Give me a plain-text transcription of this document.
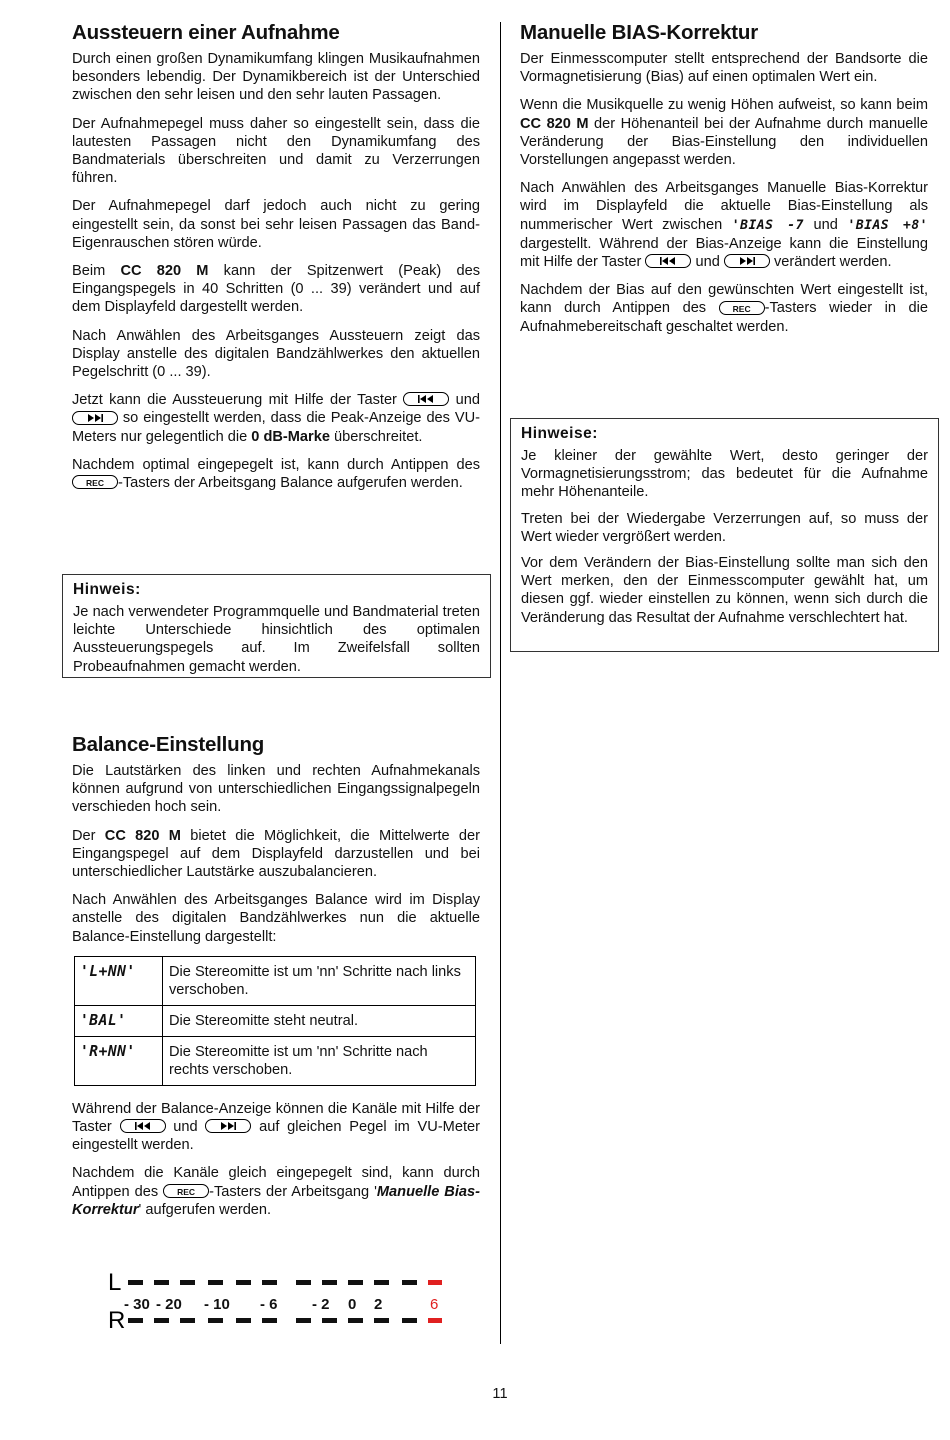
Aussteuern einer Aufnahme

Durch einen großen Dynamikumfang klingen Musikaufnahmen besonders lebendig. Der Dynamikbereich ist der Unterschied zwischen den sehr leisen und den sehr lauten Passagen.

Der Aufnahmepegel muss daher so eingestellt sein, dass die lautesten Passagen nicht den Dynamikumfang des Bandmaterials überschreiten und damit zu Verzerrungen führen.

Der Aufnahmepegel darf jedoch auch nicht zu gering eingestellt sein, da sonst bei sehr leisen Passagen das Band-Eigenrauschen stören würde.

Beim CC 820 M kann der Spitzenwert (Peak) des Eingangspegels in 40 Schritten (0 ... 39) verändert und auf dem Displayfeld dargestellt werden.

Nach Anwählen des Arbeitsganges Aussteuern zeigt das Display anstelle des digitalen Bandzählwerkes den aktuellen Pegelschritt (0 ... 39).

Jetzt kann die Aussteuerung mit Hilfe der Taster	und
so eingestellt werden, dass die Peak-Anzeige des VU-Meters nur gelegentlich die 0 dB-Marke überschreitet.

Nachdem optimal eingepegelt ist, kann durch Antippen des REC -Tasters der Arbeitsgang Balance aufgerufen werden.

Hinweis:

Je nach verwendeter Programmquelle und Bandmaterial treten leichte Unterschiede hinsichtlich des optimalen Aussteuerungspegels auf. Im Zweifelsfall sollten Probeaufnahmen gemacht werden.

Balance-Einstellung

Die Lautstärken des linken und rechten Aufnahmekanals können aufgrund von unterschiedlichen Eingangssignalpegeln verschieden hoch sein.

Der CC 820 M bietet die Möglichkeit, die Mittelwerte der Eingangspegel auf dem Displayfeld darzustellen und bei unterschiedlicher Lautstärke auszubalancieren.

Nach Anwählen des Arbeitsganges Balance wird im Display anstelle des digitalen Bandzählwerkes nun die aktuelle Balance-Einstellung dargestellt:

'L+NN'	Die Stereomitte ist um 'nn' Schritte nach links verschoben.
'BAL'	Die Stereomitte steht neutral.
'R+NN'	Die Stereomitte ist um 'nn' Schritte nach rechts verschoben.

Während der Balance-Anzeige können die Kanäle mit Hilfe der Taster	und	auf gleichen Pegel im VU-Meter eingestellt werden.

Nachdem die Kanäle gleich eingepegelt sind, kann durch Antippen des REC -Tasters der Arbeitsgang 'Manuelle Bias-Korrektur' aufgerufen werden.

L
R
- 30 - 20 - 10 - 6 - 2 0 2	6
Manuelle BIAS-Korrektur

Der Einmesscomputer stellt entsprechend der Bandsorte die Vormagnetisierung (Bias) auf einen optimalen Wert ein.

Wenn die Musikquelle zu wenig Höhen aufweist, so kann beim CC 820 M der Höhenanteil bei der Aufnahme durch manuelle Veränderung der Bias-Einstellung den individuellen Vorstellungen angepasst werden.

Nach Anwählen des Arbeitsganges Manuelle Bias-Korrektur wird im Displayfeld die aktuelle Bias-Einstellung als nummerischer Wert zwischen 'BIAS -7 und 'BIAS +8' dargestellt. Während der Bias-Anzeige kann die Einstellung mit Hilfe der Taster	und	verändert werden.

Nachdem der Bias auf den gewünschten Wert eingestellt ist, kann durch Antippen des REC -Tasters wieder in die Aufnahmebereitschaft geschaltet werden.

Hinweise:

Je kleiner der gewählte Wert, desto geringer der Vormagnetisierungsstrom; das bedeutet für die Aufnahme mehr Höhenanteile.

Treten bei der Wiedergabe Verzerrungen auf, so muss der Wert wieder vergrößert werden.

Vor dem Verändern der Bias-Einstellung sollte man sich den Wert merken, den der Einmesscomputer gewählt hat, um diesen ggf. wieder einstellen zu können, wenn sich durch die Veränderung das Resultat der Aufnahme verschlechtert hat.

11
